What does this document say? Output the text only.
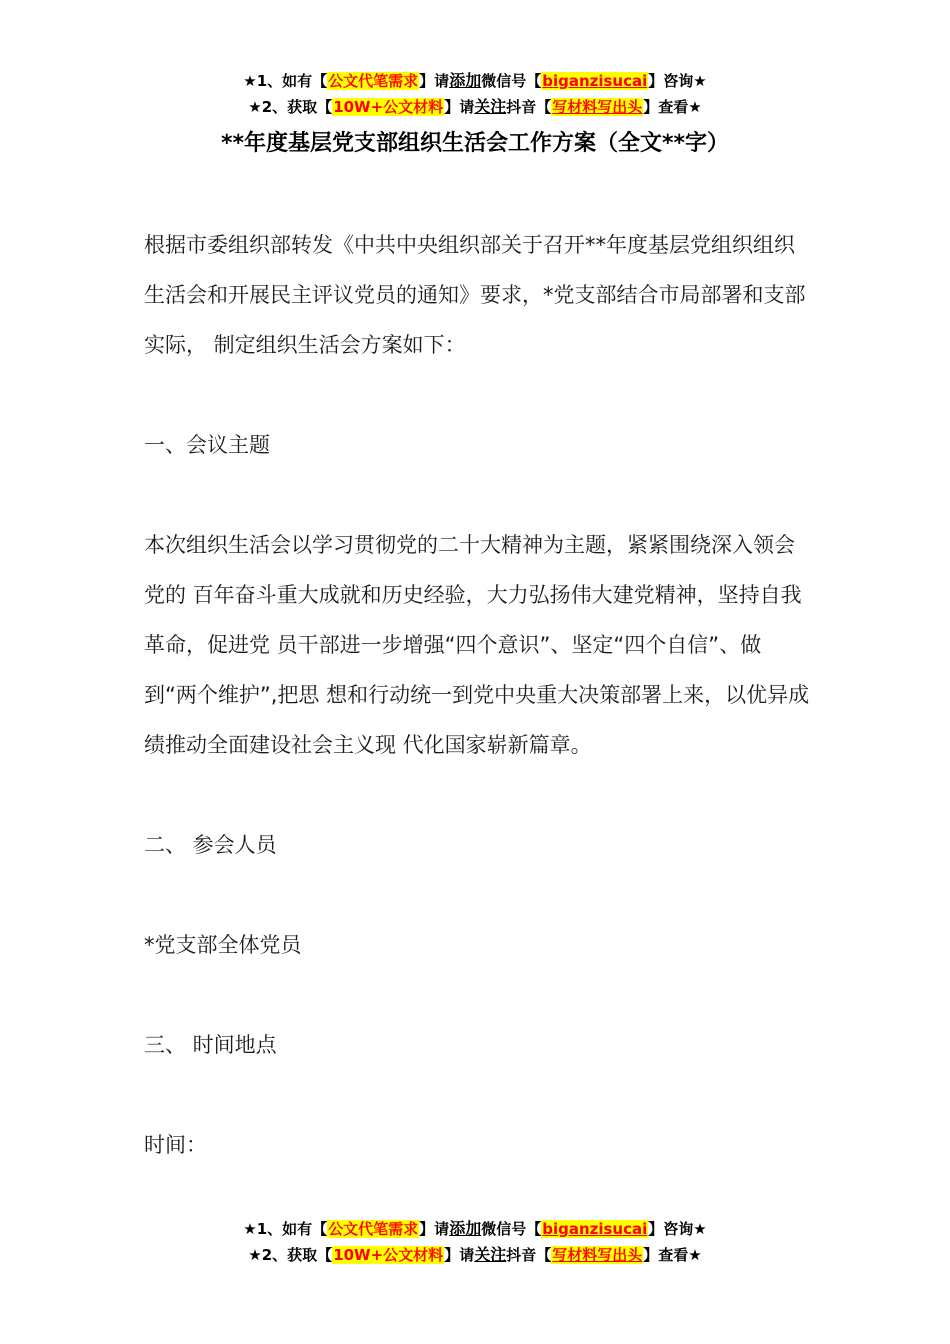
★1、如有【公文代笔需求】请添加微信号【biganzisucai】咨询★
★2、获取【10W+公文材料】请关注抖音【写材料写出头】查看★
**年度基层党支部组织生活会工作方案（全文**字）

根据市委组织部转发《中共中央组织部关于召开**年度基层党组织组织 生活会和开展民主评议党员的通知》要求，*党支部结合市局部署和支部实际， 制定组织生活会方案如下：

一、会议主题

本次组织生活会以学习贯彻党的二十大精神为主题，紧紧围绕深入领会党的 百年奋斗重大成就和历史经验，大力弘扬伟大建党精神，坚持自我革命，促进党 员干部进一步增强“四个意识”、坚定“四个自信”、做到“两个维护”,把思 想和行动统一到党中央重大决策部署上来，以优异成绩推动全面建设社会主义现 代化国家崭新篇章。

二、 参会人员

*党支部全体党员

三、 时间地点

时间：

★1、如有【公文代笔需求】请添加微信号【biganzisucai】咨询★
★2、获取【10W+公文材料】请关注抖音【写材料写出头】查看★
